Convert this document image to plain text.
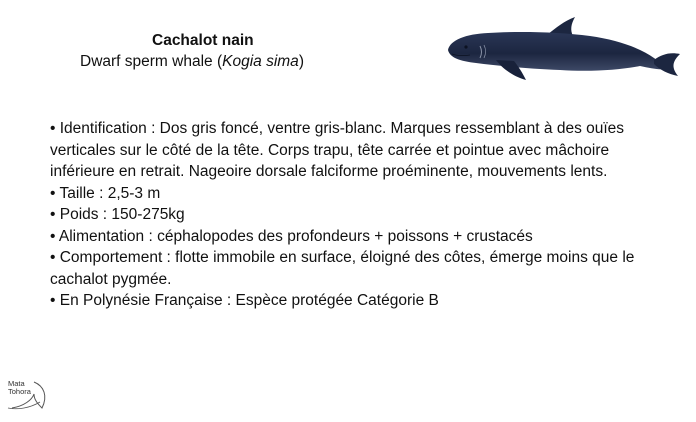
Cachalot nain
Dwarf sperm whale (Kogia sima)

• Identification : Dos gris foncé, ventre gris-blanc. Marques ressemblant à des ouïes verticales sur le côté de la tête. Corps trapu, tête carrée et pointue avec mâchoire inférieure en retrait. Nageoire dorsale falciforme proéminente, mouvements lents.

• Taille : 2,5-3 m

• Poids : 150-275kg

• Alimentation : céphalopodes des profondeurs + poissons + crustacés

• Comportement : flotte immobile en surface, éloigné des côtes, émerge moins que le cachalot pygmée.

• En Polynésie Française : Espèce protégée Catégorie B

Mata
Tohora
